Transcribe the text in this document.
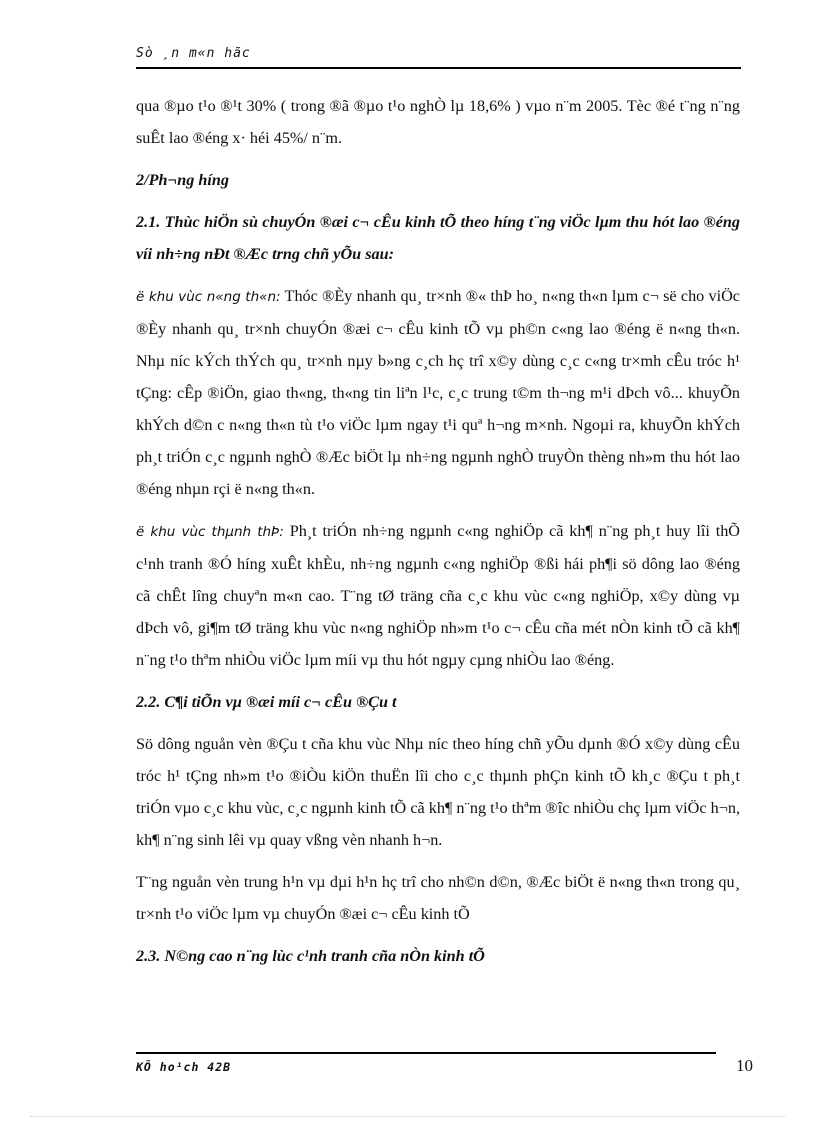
Sò ¸n m«n hãc

qua ®µo t¹o ®¹t 30% ( trong ®ã ®µo t¹o nghÒ lµ 18,6% ) vµo n¨m 2005. Tèc ®é t¨ng n¨ng suÊt lao ®éng x· héi 45%/ n¨m.

2/Ph¬ng híng

2.1. Thùc hiÖn sù chuyÓn ®æi c¬ cÊu kinh tÕ theo híng t¨ng viÖc lµm thu hót lao ®éng víi nh÷ng nÐt ®Æc trng chñ yÕu sau:

ë khu vùc n«ng th«n: Thóc ®Èy nhanh qu¸ tr×nh ®« thÞ ho¸ n«ng th«n lµm c¬ së cho viÖc ®Èy nhanh qu¸ tr×nh chuyÓn ®æi c¬ cÊu kinh tÕ vµ ph©n c«ng lao ®éng ë n«ng th«n. Nhµ níc kÝch thÝch qu¸ tr×nh nµy b»ng c¸ch hç trî x©y dùng c¸c c«ng tr×mh cÊu tróc h¹ tÇng: cÊp ®iÖn, giao th«ng, th«ng tin liªn l¹c, c¸c trung t©m th¬ng m¹i dÞch vô... khuyÕn khÝch d©n c n«ng th«n tù t¹o viÖc lµm ngay t¹i quª h¬ng m×nh. Ngoµi ra, khuyÕn khÝch ph¸t triÓn c¸c ngµnh nghÒ ®Æc biÖt lµ nh÷ng ngµnh nghÒ truyÒn thèng nh»m thu hót lao ®éng nhµn rçi ë n«ng th«n.

ë khu vùc thµnh thÞ: Ph¸t triÓn nh÷ng ngµnh c«ng nghiÖp cã kh¶ n¨ng ph¸t huy lîi thÕ c¹nh tranh ®Ó híng xuÊt khÈu, nh÷ng ngµnh c«ng nghiÖp ®ßi hái ph¶i sö dông lao ®éng cã chÊt lîng chuyªn m«n cao. T¨ng tØ träng cña c¸c khu vùc c«ng nghiÖp, x©y dùng vµ dÞch vô, gi¶m tØ träng khu vùc n«ng nghiÖp nh»m t¹o c¬ cÊu cña mét nÒn kinh tÕ cã kh¶ n¨ng t¹o thªm nhiÒu viÖc lµm míi vµ thu hót ngµy cµng nhiÒu lao ®éng.

2.2. C¶i tiÕn vµ ®æi míi c¬ cÊu ®Çu t

Sö dông nguån vèn ®Çu t cña khu vùc Nhµ níc theo híng chñ yÕu dµnh ®Ó x©y dùng cÊu tróc h¹ tÇng nh»m t¹o ®iÒu kiÖn thuËn lîi cho c¸c thµnh phÇn kinh tÕ kh¸c ®Çu t ph¸t triÓn vµo c¸c khu vùc, c¸c ngµnh kinh tÕ cã kh¶ n¨ng t¹o thªm ®îc nhiÒu chç lµm viÖc h¬n, kh¶ n¨ng sinh lêi vµ quay vßng vèn nhanh h¬n.

T¨ng nguån vèn trung h¹n vµ dµi h¹n hç trî cho nh©n d©n, ®Æc biÖt ë n«ng th«n trong qu¸ tr×nh t¹o viÖc lµm vµ chuyÓn ®æi c¬ cÊu kinh tÕ

2.3. N©ng cao n¨ng lùc c¹nh tranh cña nÒn kinh tÕ

KÕ ho¹ch 42B	10
